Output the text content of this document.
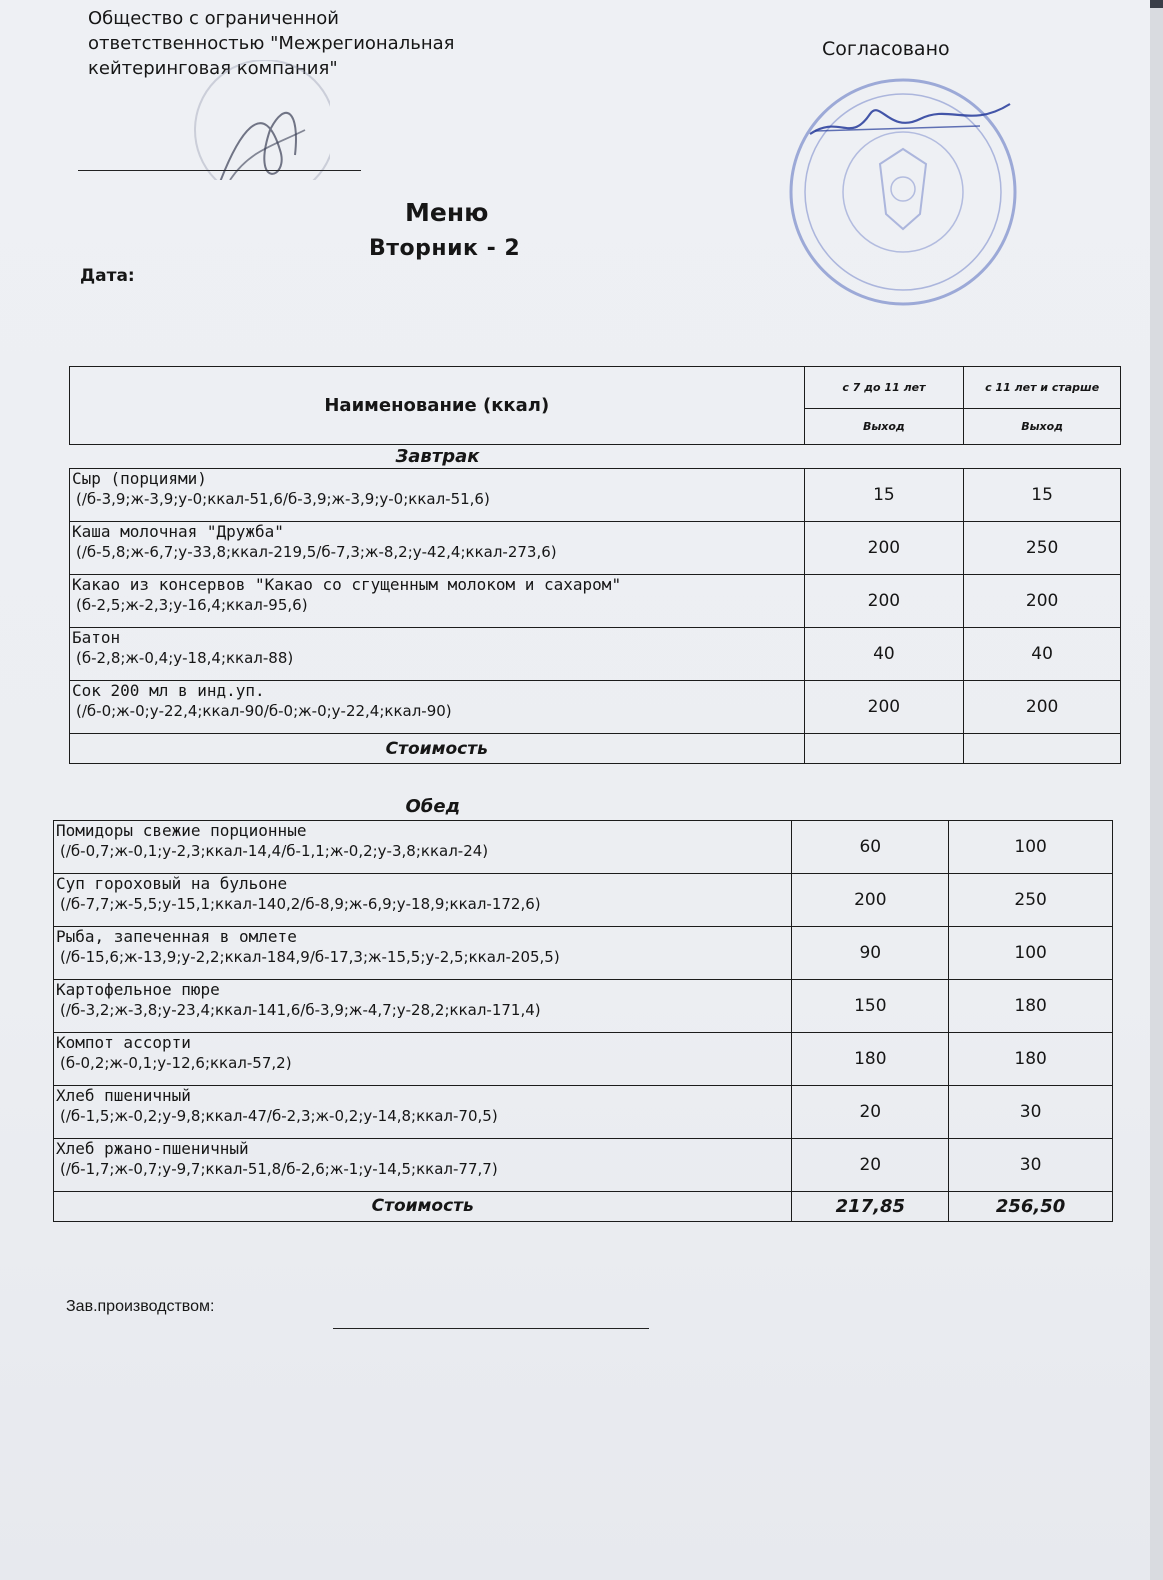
Общество с ограниченной
ответственностью "Межрегиональная
кейтеринговая компания"
Согласовано
Меню
Вторник - 2
Дата:
Наименование (ккал)	с 7 до 11 лет	с 11 лет и старше
	Выход	Выход
Завтрак		
Сыр (порциями)
(/б-3,9;ж-3,9;у-0;ккал-51,6/б-3,9;ж-3,9;у-0;ккал-51,6)	15	15
Каша молочная "Дружба"
(/б-5,8;ж-6,7;у-33,8;ккал-219,5/б-7,3;ж-8,2;у-42,4;ккал-273,6)	200	250
Какао из консервов "Какао со сгущенным молоком и сахаром"
(б-2,5;ж-2,3;у-16,4;ккал-95,6)	200	200
Батон
(б-2,8;ж-0,4;у-18,4;ккал-88)	40	40
Сок 200 мл в инд.уп.
(/б-0;ж-0;у-22,4;ккал-90/б-0;ж-0;у-22,4;ккал-90)	200	200
Стоимость		
Обед		
Помидоры свежие порционные
(/б-0,7;ж-0,1;у-2,3;ккал-14,4/б-1,1;ж-0,2;у-3,8;ккал-24)	60	100
Суп гороховый на бульоне
(/б-7,7;ж-5,5;у-15,1;ккал-140,2/б-8,9;ж-6,9;у-18,9;ккал-172,6)	200	250
Рыба, запеченная в омлете
(/б-15,6;ж-13,9;у-2,2;ккал-184,9/б-17,3;ж-15,5;у-2,5;ккал-205,5)	90	100
Картофельное пюре
(/б-3,2;ж-3,8;у-23,4;ккал-141,6/б-3,9;ж-4,7;у-28,2;ккал-171,4)	150	180
Компот ассорти
(б-0,2;ж-0,1;у-12,6;ккал-57,2)	180	180
Хлеб пшеничный
(/б-1,5;ж-0,2;у-9,8;ккал-47/б-2,3;ж-0,2;у-14,8;ккал-70,5)	20	30
Хлеб ржано-пшеничный
(/б-1,7;ж-0,7;у-9,7;ккал-51,8/б-2,6;ж-1;у-14,5;ккал-77,7)	20	30
Стоимость	217,85	256,50
Зав.производством:
